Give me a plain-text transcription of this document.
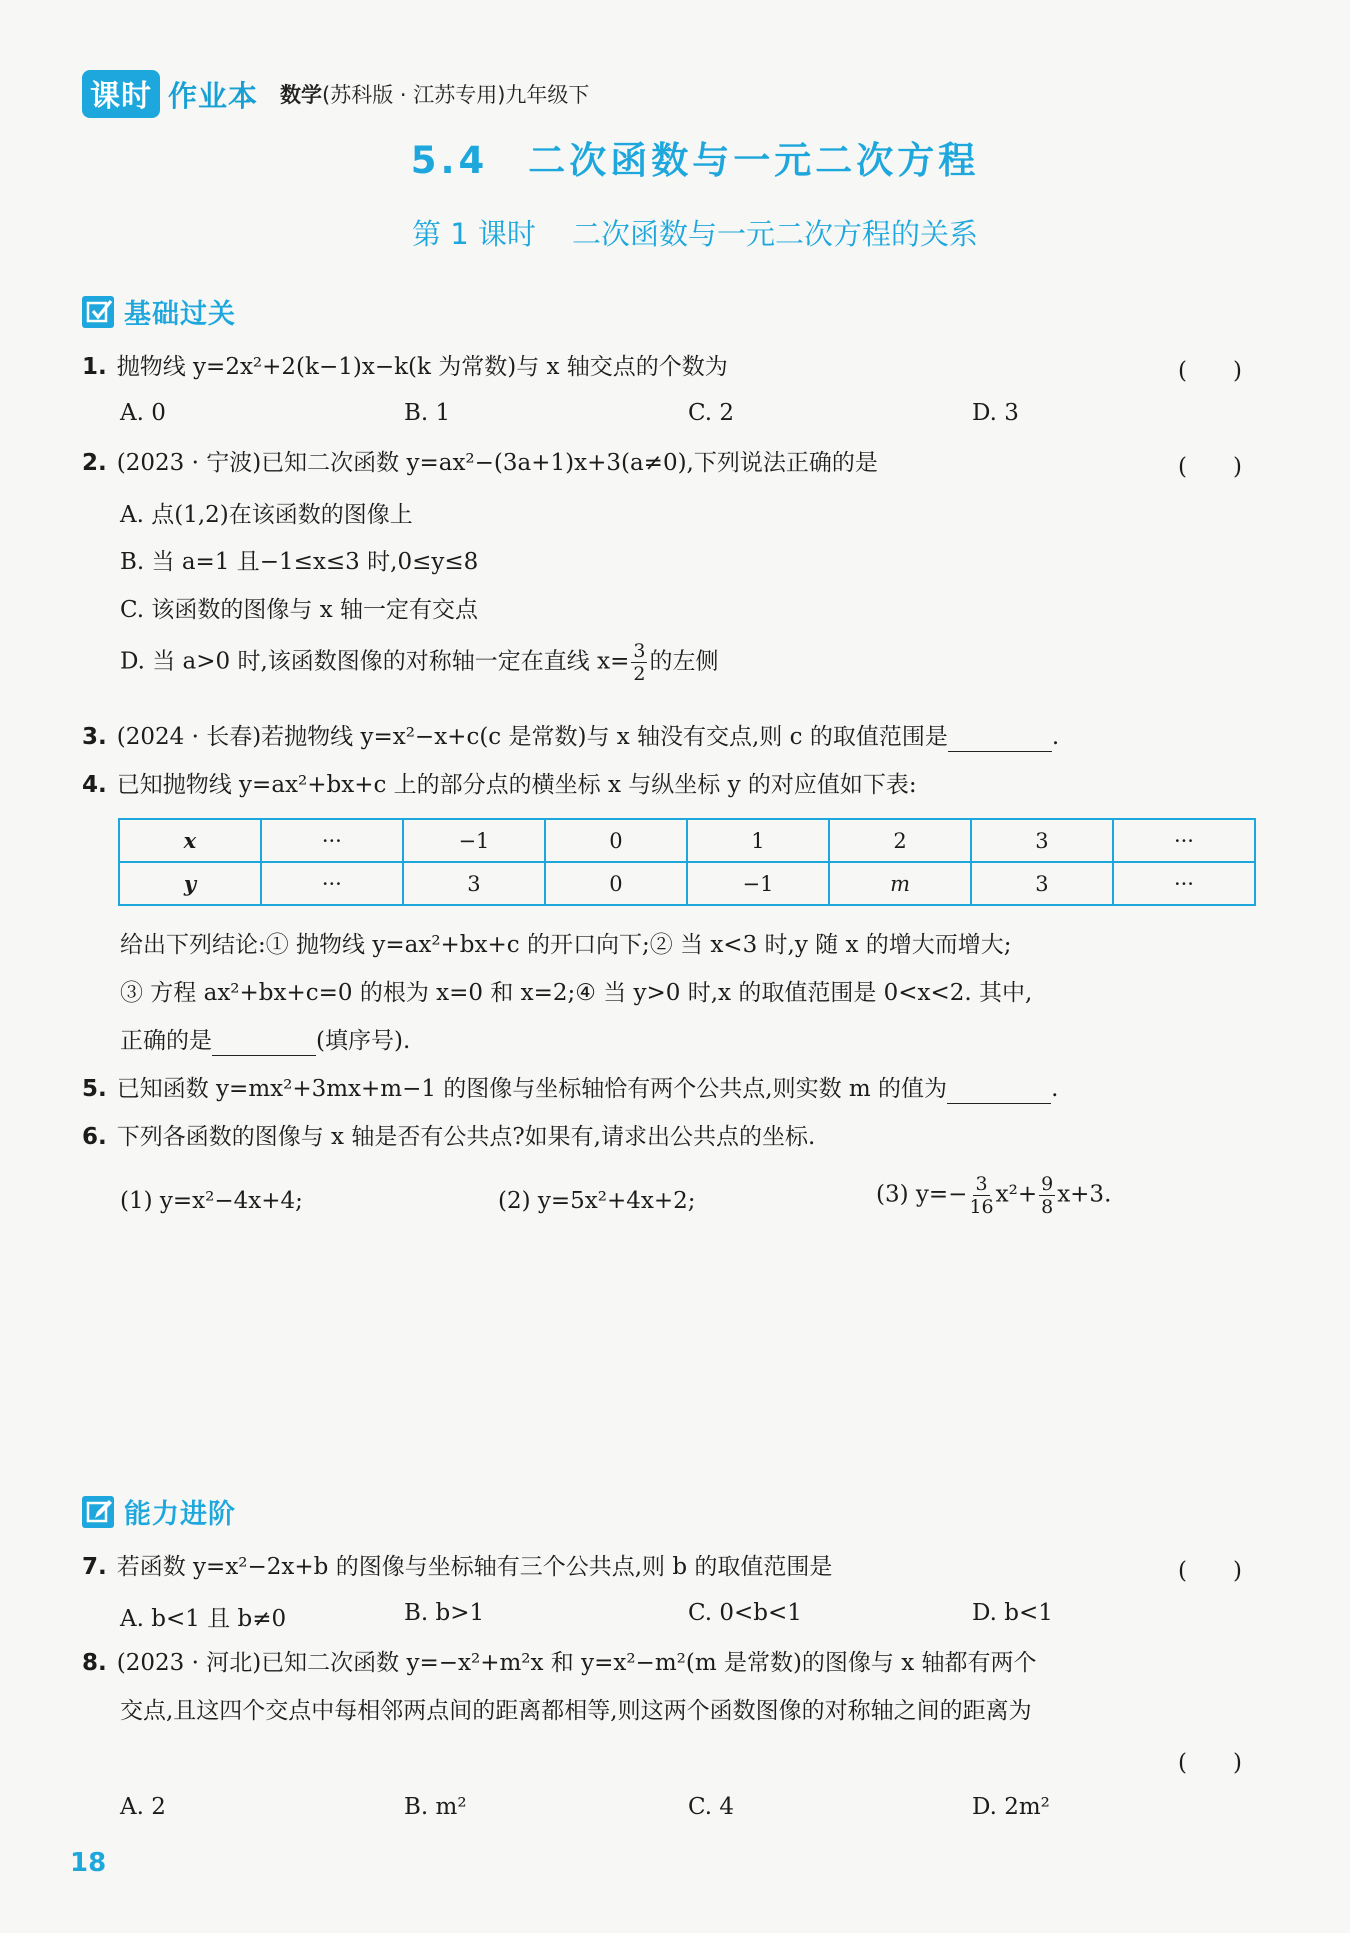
课时 作业本 数学(苏科版 · 江苏专用)九年级下
5.4 二次函数与一元二次方程
第 1 课时 二次函数与一元二次方程的关系
基础过关
1. 抛物线 y=2x²+2(k−1)x−k(k 为常数)与 x 轴交点的个数为	(　　)
A. 0	B. 1	C. 2	D. 3
2. (2023 · 宁波)已知二次函数 y=ax²−(3a+1)x+3(a≠0),下列说法正确的是	(　　)
A. 点(1,2)在该函数的图像上
B. 当 a=1 且−1≤x≤3 时,0≤y≤8
C. 该函数的图像与 x 轴一定有交点
D. 当 a>0 时,该函数图像的对称轴一定在直线 $x= \frac{3}{2}$ 的左侧
3. (2024 · 长春)若抛物线 y=x²−x+c(c 是常数)与 x 轴没有交点,则 c 的取值范围是	.
4. 已知抛物线 y=ax²+bx+c 上的部分点的横坐标 x 与纵坐标 y 的对应值如下表:
x	···	−1	0	1	2	3	···
y	···	3	0	−1	m	3	···
给出下列结论:① 抛物线 y=ax²+bx+c 的开口向下;② 当 x<3 时,y 随 x 的增大而增大;
③ 方程 ax²+bx+c=0 的根为 x=0 和 x=2;④ 当 y>0 时,x 的取值范围是 0<x<2. 其中,
正确的是	(填序号).
5. 已知函数 y=mx²+3mx+m−1 的图像与坐标轴恰有两个公共点,则实数 m 的值为	.
6. 下列各函数的图像与 x 轴是否有公共点?如果有,请求出公共点的坐标.
(1) y=x²−4x+4;	(2) y=5x²+4x+2;	(3) $y=- \frac{3}{16} x^2+ \frac{9}{8} x+3$.
能力进阶
7. 若函数 y=x²−2x+b 的图像与坐标轴有三个公共点,则 b 的取值范围是	(　　)
A. b<1 且 b≠0	B. b>1	C. 0<b<1	D. b<1
8. (2023 · 河北)已知二次函数 y=−x²+m²x 和 y=x²−m²(m 是常数)的图像与 x 轴都有两个
交点,且这四个交点中每相邻两点间的距离都相等,则这两个函数图像的对称轴之间的距离为
(　　)
A. 2	B. m²	C. 4	D. 2m²
18
